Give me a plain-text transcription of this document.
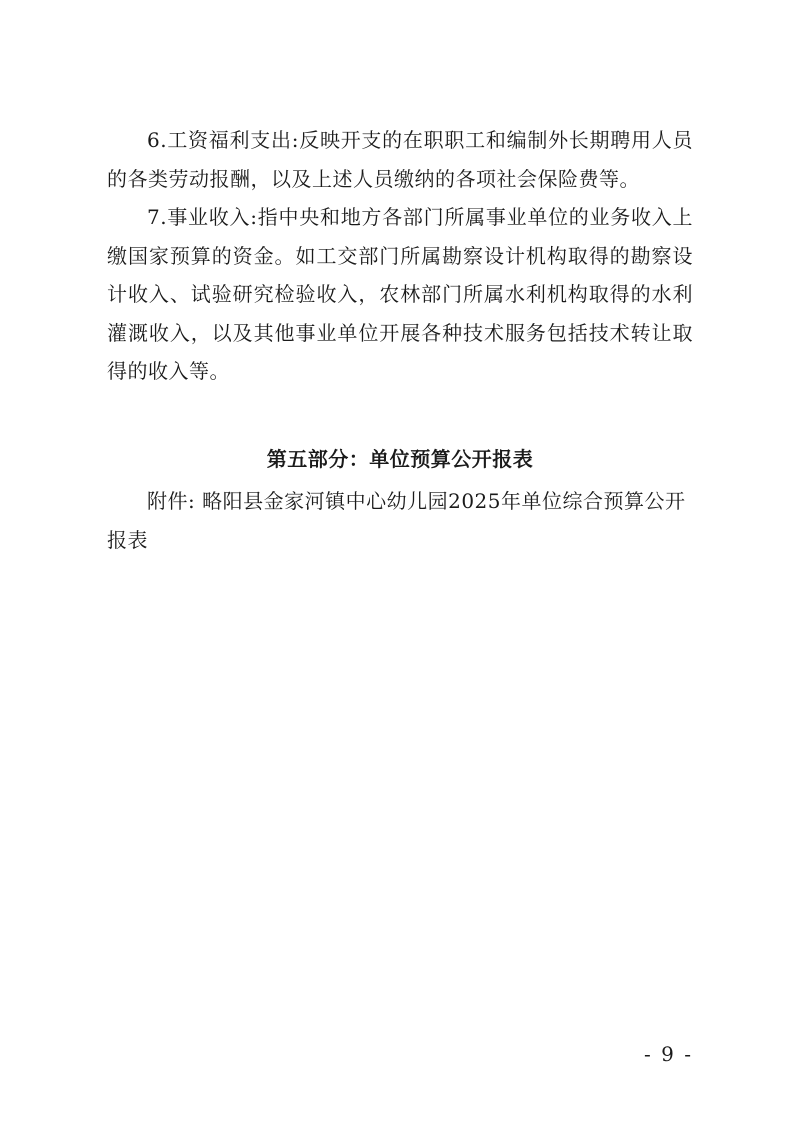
6.工资福利支出:反映开支的在职职工和编制外长期聘用人员的各类劳动报酬，以及上述人员缴纳的各项社会保险费等。

7.事业收入:指中央和地方各部门所属事业单位的业务收入上缴国家预算的资金。如工交部门所属勘察设计机构取得的勘察设计收入、试验研究检验收入，农林部门所属水利机构取得的水利灌溉收入，以及其他事业单位开展各种技术服务包括技术转让取得的收入等。

第五部分：单位预算公开报表

附件: 略阳县金家河镇中心幼儿园2025年单位综合预算公开报表

- 9 -
